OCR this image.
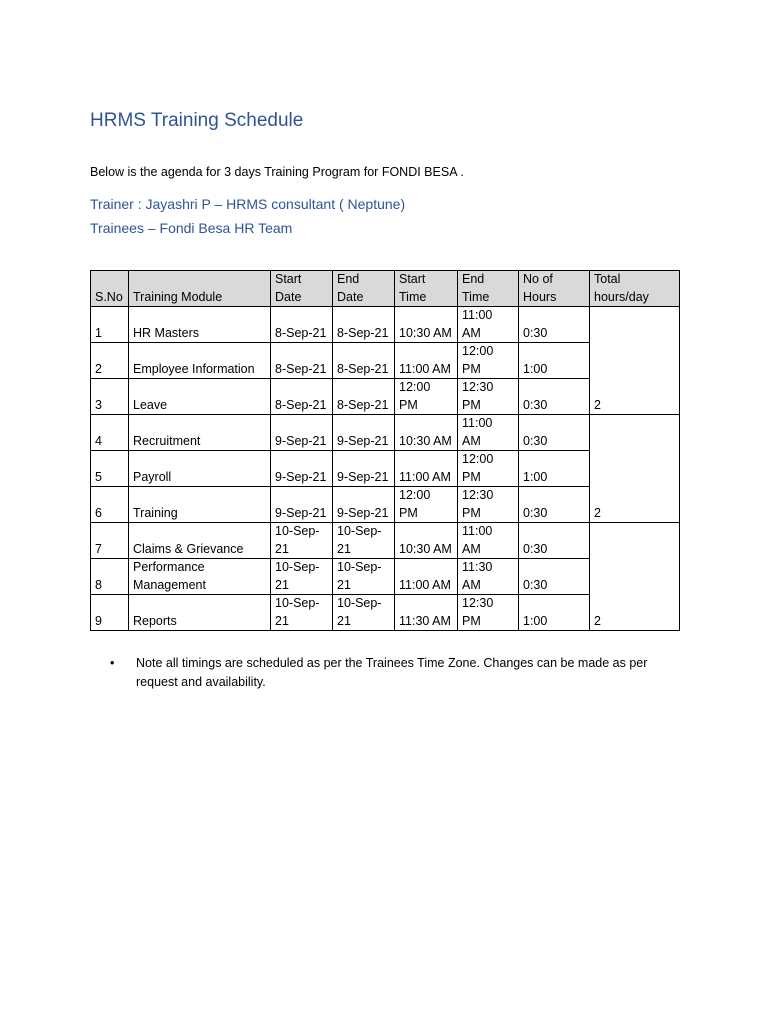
HRMS Training Schedule

Below is the agenda for 3 days Training Program for FONDI BESA .

Trainer : Jayashri P – HRMS consultant ( Neptune)

Trainees – Fondi Besa HR Team

S.No	Training Module	Start Date	End Date	Start Time	End Time	No of Hours	Total hours/day
1	HR Masters	8-Sep-21	8-Sep-21	10:30 AM	11:00 AM	0:30	2
2	Employee Information	8-Sep-21	8-Sep-21	11:00 AM	12:00 PM	1:00	
3	Leave	8-Sep-21	8-Sep-21	12:00 PM	12:30 PM	0:30	
4	Recruitment	9-Sep-21	9-Sep-21	10:30 AM	11:00 AM	0:30	2
5	Payroll	9-Sep-21	9-Sep-21	11:00 AM	12:00 PM	1:00	
6	Training	9-Sep-21	9-Sep-21	12:00 PM	12:30 PM	0:30	
7	Claims & Grievance	10-Sep-21	10-Sep-21	10:30 AM	11:00 AM	0:30	2
8	Performance Management	10-Sep-21	10-Sep-21	11:00 AM	11:30 AM	0:30	
9	Reports	10-Sep-21	10-Sep-21	11:30 AM	12:30 PM	1:00	
• Note all timings are scheduled as per the Trainees Time Zone. Changes can be made as per request and availability.
